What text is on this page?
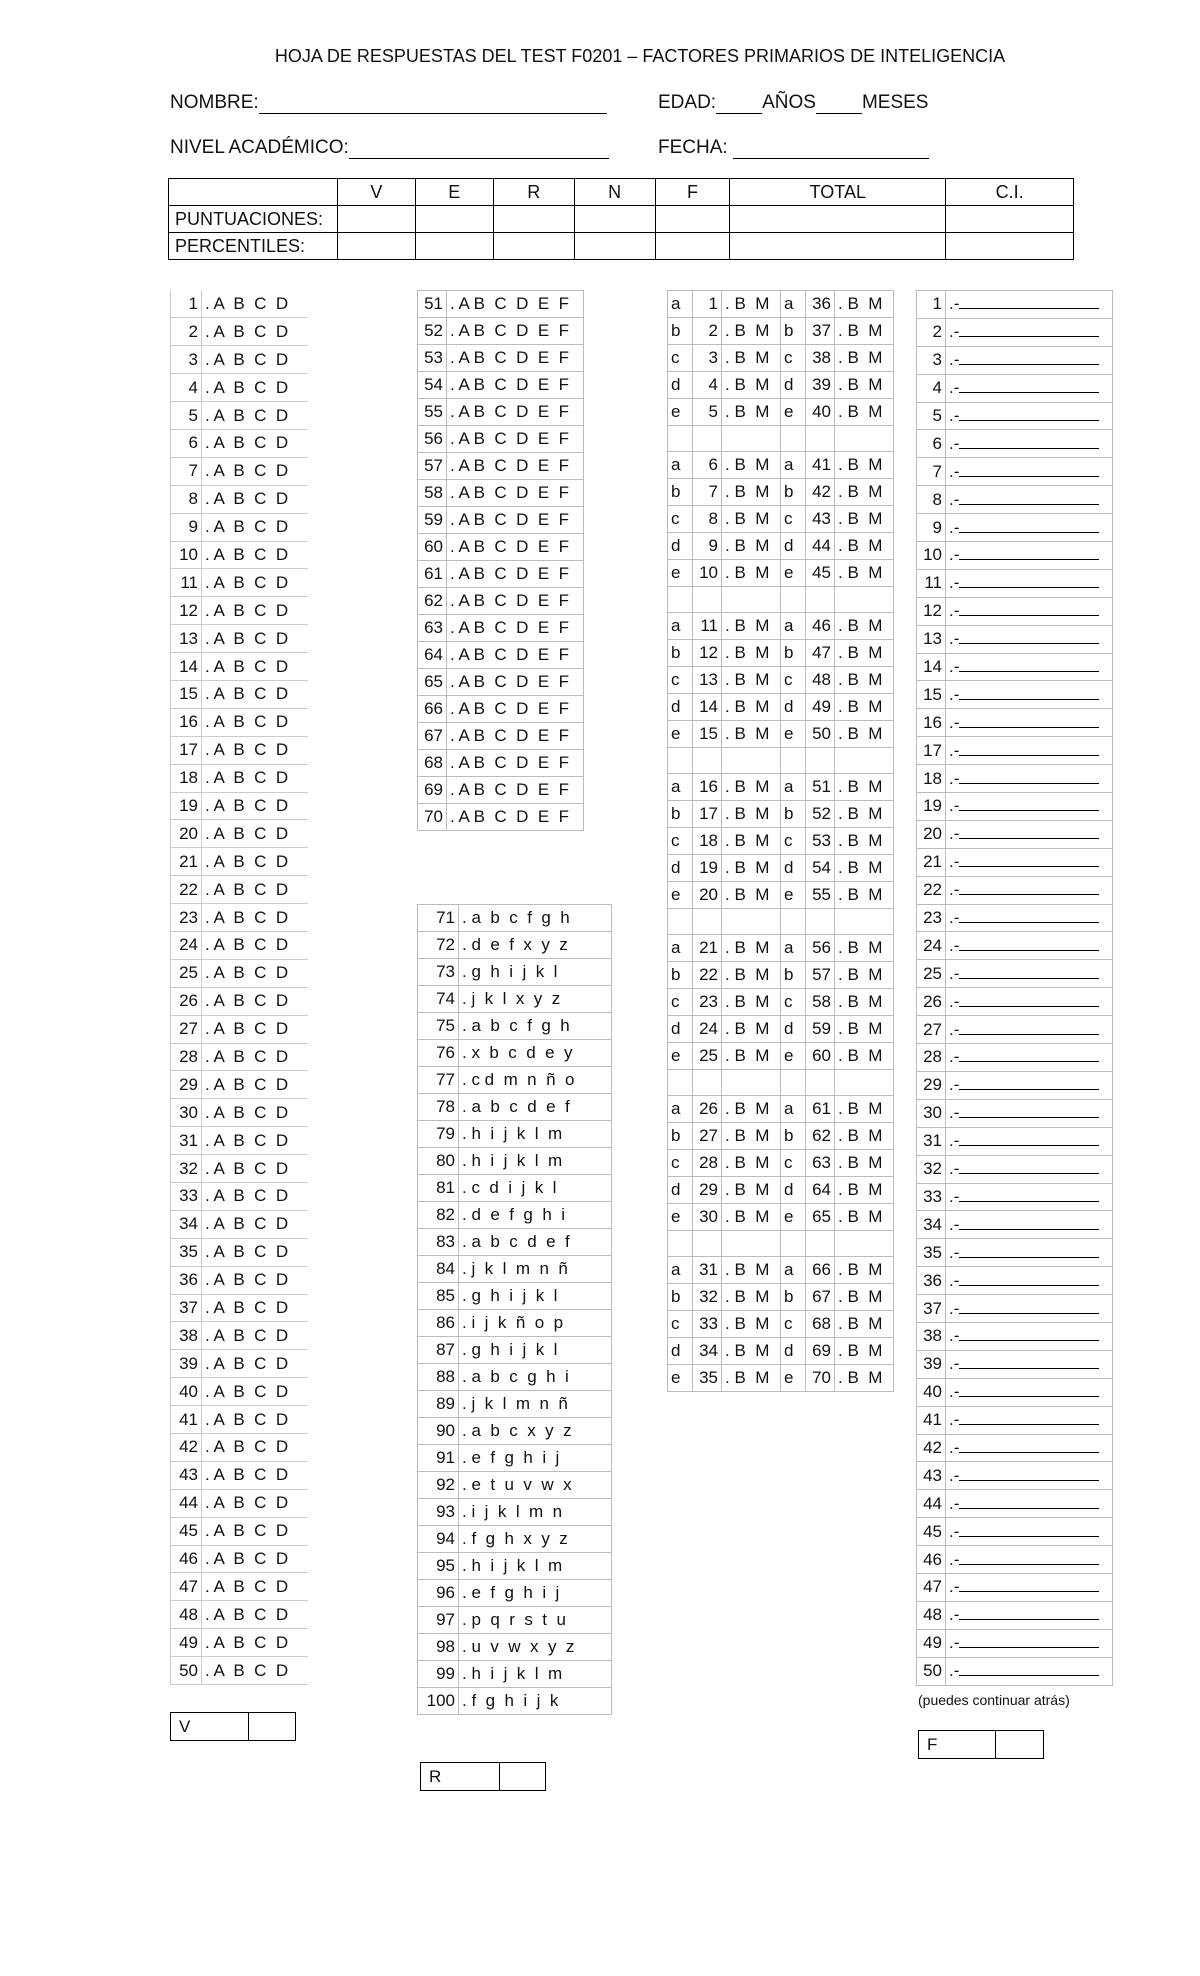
HOJA DE RESPUESTAS DEL TEST F0201 – FACTORES PRIMARIOS DE INTELIGENCIA
NOMBRE:	EDAD: AÑOS MESES
NIVEL ACADÉMICO:	FECHA:
	V	E	R	N	F	TOTAL	C.I.
PUNTUACIONES:							
PERCENTILES:							
1	. A  B  C  D
2	. A  B  C  D
3	. A  B  C  D
4	. A  B  C  D
5	. A  B  C  D
6	. A  B  C  D
7	. A  B  C  D
8	. A  B  C  D
9	. A  B  C  D
10	. A  B  C  D
11	. A  B  C  D
12	. A  B  C  D
13	. A  B  C  D
14	. A  B  C  D
15	. A  B  C  D
16	. A  B  C  D
17	. A  B  C  D
18	. A  B  C  D
19	. A  B  C  D
20	. A  B  C  D
21	. A  B  C  D
22	. A  B  C  D
23	. A  B  C  D
24	. A  B  C  D
25	. A  B  C  D
26	. A  B  C  D
27	. A  B  C  D
28	. A  B  C  D
29	. A  B  C  D
30	. A  B  C  D
31	. A  B  C  D
32	. A  B  C  D
33	. A  B  C  D
34	. A  B  C  D
35	. A  B  C  D
36	. A  B  C  D
37	. A  B  C  D
38	. A  B  C  D
39	. A  B  C  D
40	. A  B  C  D
41	. A  B  C  D
42	. A  B  C  D
43	. A  B  C  D
44	. A  B  C  D
45	. A  B  C  D
46	. A  B  C  D
47	. A  B  C  D
48	. A  B  C  D
49	. A  B  C  D
50	. A  B  C  D
V	
51	. A B  C  D  E  F
52	. A B  C  D  E  F
53	. A B  C  D  E  F
54	. A B  C  D  E  F
55	. A B  C  D  E  F
56	. A B  C  D  E  F
57	. A B  C  D  E  F
58	. A B  C  D  E  F
59	. A B  C  D  E  F
60	. A B  C  D  E  F
61	. A B  C  D  E  F
62	. A B  C  D  E  F
63	. A B  C  D  E  F
64	. A B  C  D  E  F
65	. A B  C  D  E  F
66	. A B  C  D  E  F
67	. A B  C  D  E  F
68	. A B  C  D  E  F
69	. A B  C  D  E  F
70	. A B  C  D  E  F
71	. a  b  c  f  g  h
72	. d  e  f  x  y  z
73	. g  h  i  j  k  l
74	. j  k  l  x  y  z
75	. a  b  c  f  g  h
76	. x  b  c  d  e  y
77	. c d  m  n  ñ  o
78	. a  b  c  d  e  f
79	. h  i  j  k  l  m
80	. h  i  j  k  l  m
81	. c  d  i  j  k  l
82	. d  e  f  g  h  i
83	. a  b  c  d  e  f
84	. j  k  l  m  n  ñ
85	. g  h  i  j  k  l
86	. i  j  k  ñ  o  p
87	. g  h  i  j  k  l
88	. a  b  c  g  h  i
89	. j  k  l  m  n  ñ
90	. a  b  c  x  y  z
91	. e  f  g  h  i  j
92	. e  t  u  v  w  x
93	. i  j  k  l  m  n
94	. f  g  h  x  y  z
95	. h  i  j  k  l  m
96	. e  f  g  h  i  j
97	. p  q  r  s  t  u
98	. u  v  w  x  y  z
99	. h  i  j  k  l  m
100	. f  g  h  i  j  k
R	
a	1	. B  M	a	36	. B  M
b	2	. B  M	b	37	. B  M
c	3	. B  M	c	38	. B  M
d	4	. B  M	d	39	. B  M
e	5	. B  M	e	40	. B  M

a	6	. B  M	a	41	. B  M
b	7	. B  M	b	42	. B  M
c	8	. B  M	c	43	. B  M
d	9	. B  M	d	44	. B  M
e	10	. B  M	e	45	. B  M

a	11	. B  M	a	46	. B  M
b	12	. B  M	b	47	. B  M
c	13	. B  M	c	48	. B  M
d	14	. B  M	d	49	. B  M
e	15	. B  M	e	50	. B  M

a	16	. B  M	a	51	. B  M
b	17	. B  M	b	52	. B  M
c	18	. B  M	c	53	. B  M
d	19	. B  M	d	54	. B  M
e	20	. B  M	e	55	. B  M

a	21	. B  M	a	56	. B  M
b	22	. B  M	b	57	. B  M
c	23	. B  M	c	58	. B  M
d	24	. B  M	d	59	. B  M
e	25	. B  M	e	60	. B  M

a	26	. B  M	a	61	. B  M
b	27	. B  M	b	62	. B  M
c	28	. B  M	c	63	. B  M
d	29	. B  M	d	64	. B  M
e	30	. B  M	e	65	. B  M

a	31	. B  M	a	66	. B  M
b	32	. B  M	b	67	. B  M
c	33	. B  M	c	68	. B  M
d	34	. B  M	d	69	. B  M
e	35	. B  M	e	70	. B  M
1	.-
2	.-
3	.-
4	.-
5	.-
6	.-
7	.-
8	.-
9	.-
10	.-
11	.-
12	.-
13	.-
14	.-
15	.-
16	.-
17	.-
18	.-
19	.-
20	.-
21	.-
22	.-
23	.-
24	.-
25	.-
26	.-
27	.-
28	.-
29	.-
30	.-
31	.-
32	.-
33	.-
34	.-
35	.-
36	.-
37	.-
38	.-
39	.-
40	.-
41	.-
42	.-
43	.-
44	.-
45	.-
46	.-
47	.-
48	.-
49	.-
50	.-
(puedes continuar atrás)
F	
